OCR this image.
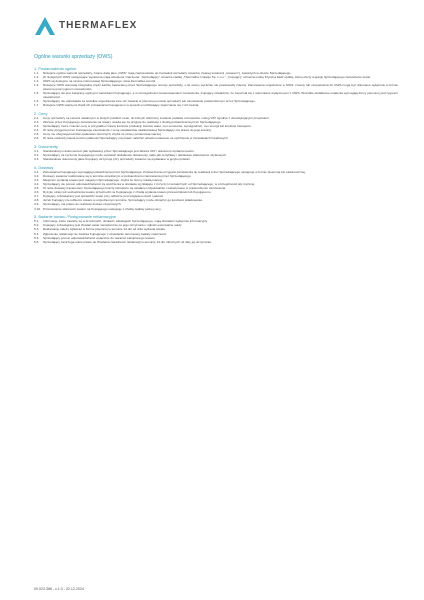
THERMAFLEX
Ogólne warunki sprzedaży (OWS)
1. Postanowienia ogólne
1.1.	Niniejsze ogólne warunki sprzedaży, zwane dalej jako „OWS” mają zastosowanie do transakcji sprzedaży towarów, zwanej towarami „towarem”), zawartych w ofercie Sprzedającego.
1.2.	W niniejszych OWS następujące wyrażenia mają określone znaczenia: „Sprzedający” oznacza spółkę „Thermaflex Izolacje Sp. z o.o.”, „Kupujący” oznacza osobę fizyczną bądź spółkę, której oferty reguluje Sprzedającego zamówienie towar.
1.3.	OWS są dostępne na stronie internetowej Sprzedającego: www.thermaflex.com/pl
1.4.	Niniejsze OWS stanowią integralną część każdej zawieranej przez Sprzedającego umowy sprzedaży, o ile strony wyraźnie nie postanowiły inaczej. Zamówienia uzgodnione w OWS, zmiany lub uzupełnienia do OWS mogą być dokonane wyłącznie w formie pisemnej pod rygorem nieważności.
1.5.	Sprzedający nie jest związany ogólnymi warunkami Kupującego, a w szczególności postanowieniami zamówienia. Kupujący oświadcza, że zapoznał się z warunkami wyłączonymi z OWS. Wszelkie dodatkowe ustalenia wymagają formy pisemnej pod rygorem nieważności.
1.6.	Sprzedający nie odpowiada za wszelkie uzgodnienia inne niż zawarte w pisemnej umowie sprzedaży lub zamówieniu potwierdzonym przez Sprzedającego.
1.7.	Niniejsze OWS wiążą od chwili ich przekazania Kupującemu w sposób umożliwiający zapoznanie się z ich treścią.
2. Ceny
2.1.	Ceny sprzedaży są cenami ustalonymi w złotych polskich netto, do których doliczony zostanie podatek od towarów i usług VAT zgodnie z obowiązującymi przepisami.
2.2.	Złożone przez Kupującego zamówienie na towary uważa się za przyjęte do realizacji z chwilą potwierdzenia przez Sprzedającego.
2.3.	Sprzedający może zmienić ceny w przypadku zmiany kosztów produkcji, kursów walut, cen surowców, wynagrodzeń, cen energii lub kosztów transportu.
2.4.	W razie przyjęcia przez Kupującego zamówienia z ceną niewłaściwie skalkulowaną Sprzedający ma prawo do jego korekty.
2.5.	Ceny nie obejmują kosztów opakowań zwrotnych, chyba że strony postanowią inaczej.
2.6.	W razie niedotrzymania terminu płatności Sprzedający ma prawo naliczać odsetki ustawowe za opóźnienie w transakcjach handlowych.
3. Dokumenty
3.1.	Standardowym dokumentem jaki wydawany przez Sprzedającego jest faktura VAT i dokument wydania towaru.
3.2.	Sprzedający na życzenie Kupującego może wystawić dodatkowe dokumenty, takie jak certyfikaty i deklaracje właściwości użytkowych.
3.3.	Standardowe dokumenty jakie Kupujący otrzymuje przy sprzedaży towarów są wydawane w języku polskim.
4. Dostawy
4.1.	Zamówienia Kupującego wymagają potwierdzenia przez Sprzedającego. Potwierdzenie przyjęcia zamówienia do realizacji przez Sprzedającego następuje w formie pisemnej lub elektronicznej.
4.2.	Dostawy towarów realizowane są w terminie określonym w potwierdzeniu zamówienia przez Sprzedającego.
4.3.	Miejscem wydania towaru jest magazyn Sprzedającego, chyba że strony ustalą inaczej.
4.4.	Sprzedający nie ponosi odpowiedzialności za opóźnienia w dostawie wynikające z przyczyn niezależnych od Sprzedającego, w szczególności siły wyższej.
4.5.	W razie dostawy transportem Sprzedającego koszty transportu są ustalane indywidualnie i wskazywane w potwierdzeniu zamówienia.
4.6.	Ryzyko utraty lub uszkodzenia towaru przechodzi na Kupującego z chwilą wydania towaru przewoźnikowi lub Kupującemu.
4.7.	Kupujący zobowiązany jest sprawdzić towar przy odbiorze pod względem ilości i jakości.
4.8.	Jeżeli Kupujący nie odbierze towaru w uzgodnionym terminie, Sprzedający może obciążyć go kosztami składowania.
4.9.	Sprzedający ma prawo do realizacji dostaw częściowych.
4.10. Przeniesienie własności towaru na Kupującego następuje z chwilą zapłaty pełnej ceny.
5. Badanie towaru. Postępowanie reklamacyjne
5.1.	Informacje, które zawarte są w broszurach, ulotkach, katalogach Sprzedającego, mają charakter wyłącznie informacyjny.
5.2.	Kupujący zobowiązany jest zbadać towar niezwłocznie po jego otrzymaniu i zgłosić ewentualne wady.
5.3.	Reklamacje należy zgłaszać w formie pisemnej w terminie 14 dni od dnia wydania towaru.
5.4.	Zgłoszenie reklamacji nie zwalnia Kupującego z obowiązku terminowej zapłaty należności.
5.5.	Sprzedający ponosi odpowiedzialność wyłącznie do wartości zakupionego towaru.
5.6.	Sprzedający zastrzega sobie prawo do zbadania zasadności reklamacji w terminie 14 dni roboczych od daty jej otrzymania.
00.023.386 - v.1.0 - 02.12.2024
